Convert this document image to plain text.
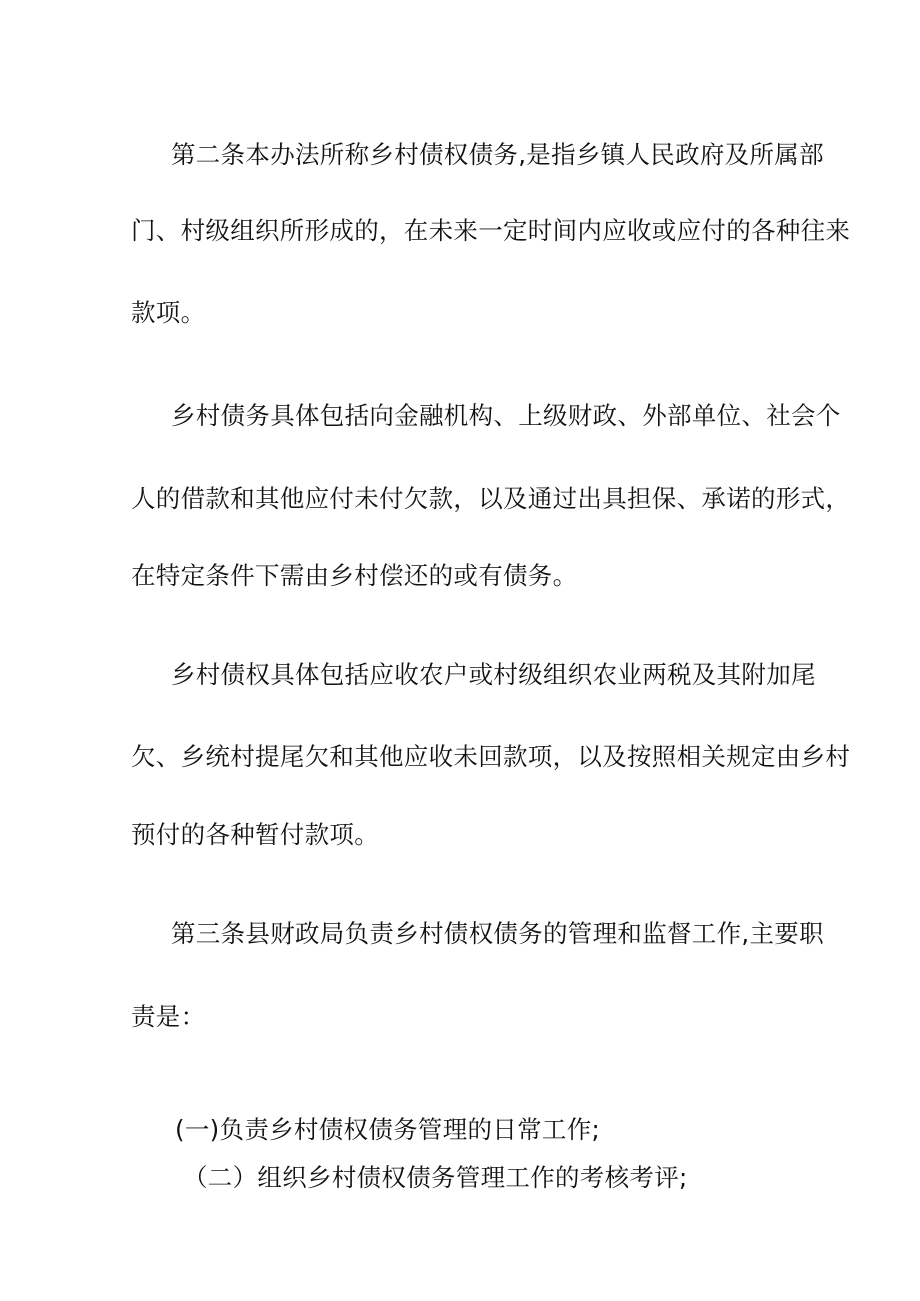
第二条本办法所称乡村债权债务,是指乡镇人民政府及所属部
门、村级组织所形成的，在未来一定时间内应收或应付的各种往来
款项。
乡村债务具体包括向金融机构、上级财政、外部单位、社会个
人的借款和其他应付未付欠款，以及通过出具担保、承诺的形式，
在特定条件下需由乡村偿还的或有债务。
乡村债权具体包括应收农户或村级组织农业两税及其附加尾
欠、乡统村提尾欠和其他应收未回款项，以及按照相关规定由乡村
预付的各种暂付款项。
第三条县财政局负责乡村债权债务的管理和监督工作,主要职
责是：
(一)负责乡村债权债务管理的日常工作;
（二）组织乡村债权债务管理工作的考核考评;
